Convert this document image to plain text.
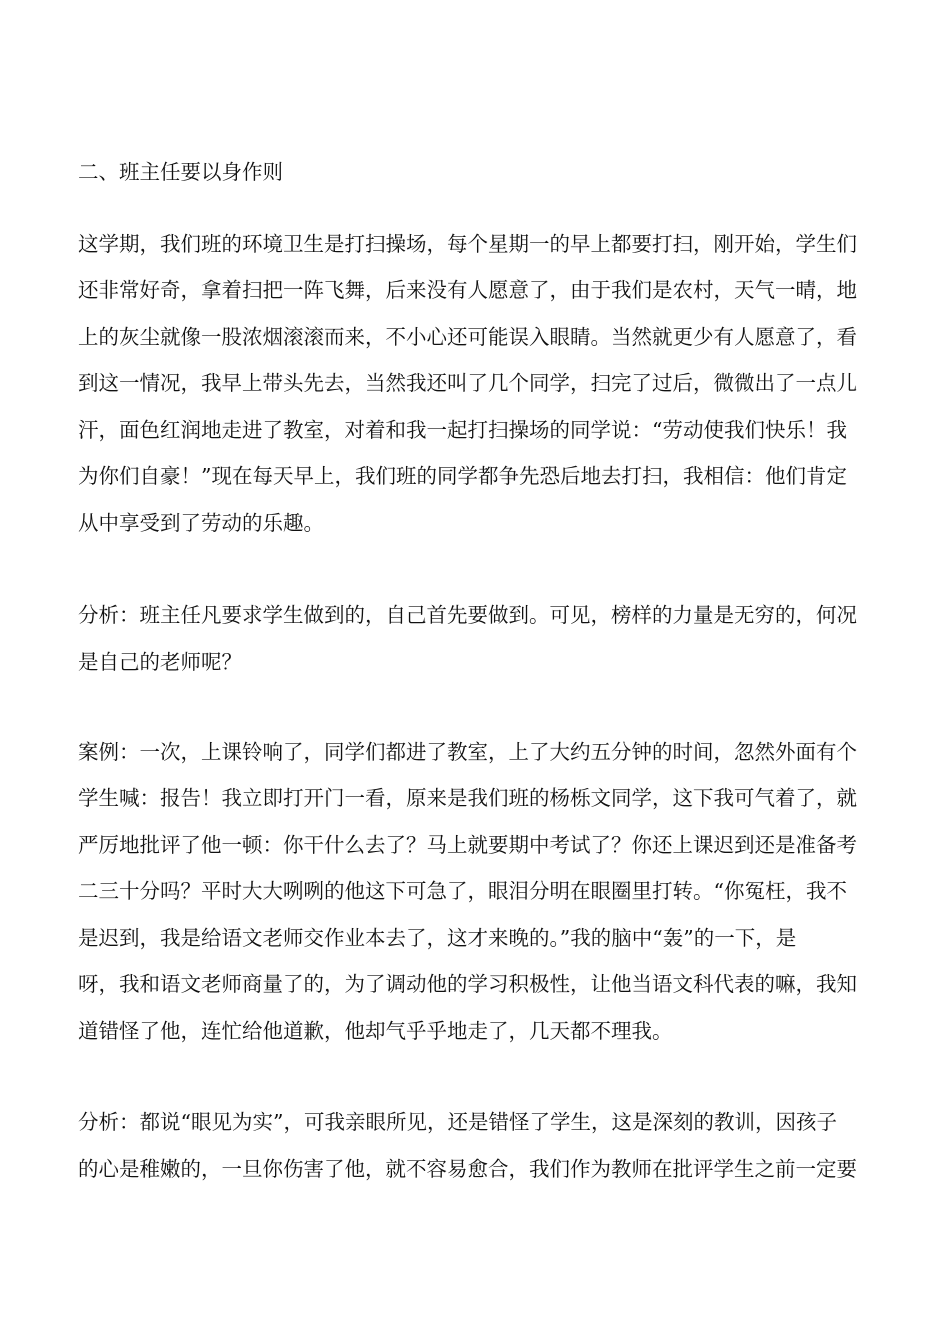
二、班主任要以身作则
这学期，我们班的环境卫生是打扫操场，每个星期一的早上都要打扫，刚开始，学生们
还非常好奇，拿着扫把一阵飞舞，后来没有人愿意了，由于我们是农村，天气一晴，地
上的灰尘就像一股浓烟滚滚而来，不小心还可能误入眼睛。当然就更少有人愿意了，看
到这一情况，我早上带头先去，当然我还叫了几个同学，扫完了过后，微微出了一点儿
汗，面色红润地走进了教室，对着和我一起打扫操场的同学说：“劳动使我们快乐！我
为你们自豪！”现在每天早上，我们班的同学都争先恐后地去打扫，我相信：他们肯定
从中享受到了劳动的乐趣。
分析：班主任凡要求学生做到的，自己首先要做到。可见，榜样的力量是无穷的，何况
是自己的老师呢？
案例：一次，上课铃响了，同学们都进了教室，上了大约五分钟的时间，忽然外面有个
学生喊：报告！我立即打开门一看，原来是我们班的杨栎文同学，这下我可气着了，就
严厉地批评了他一顿：你干什么去了？马上就要期中考试了？你还上课迟到还是准备考
二三十分吗？平时大大咧咧的他这下可急了，眼泪分明在眼圈里打转。“你冤枉，我不
是迟到，我是给语文老师交作业本去了，这才来晚的。”我的脑中“轰”的一下，是
呀，我和语文老师商量了的，为了调动他的学习积极性，让他当语文科代表的嘛，我知
道错怪了他，连忙给他道歉，他却气乎乎地走了，几天都不理我。
分析：都说“眼见为实”，可我亲眼所见，还是错怪了学生，这是深刻的教训，因孩子
的心是稚嫩的，一旦你伤害了他，就不容易愈合，我们作为教师在批评学生之前一定要
